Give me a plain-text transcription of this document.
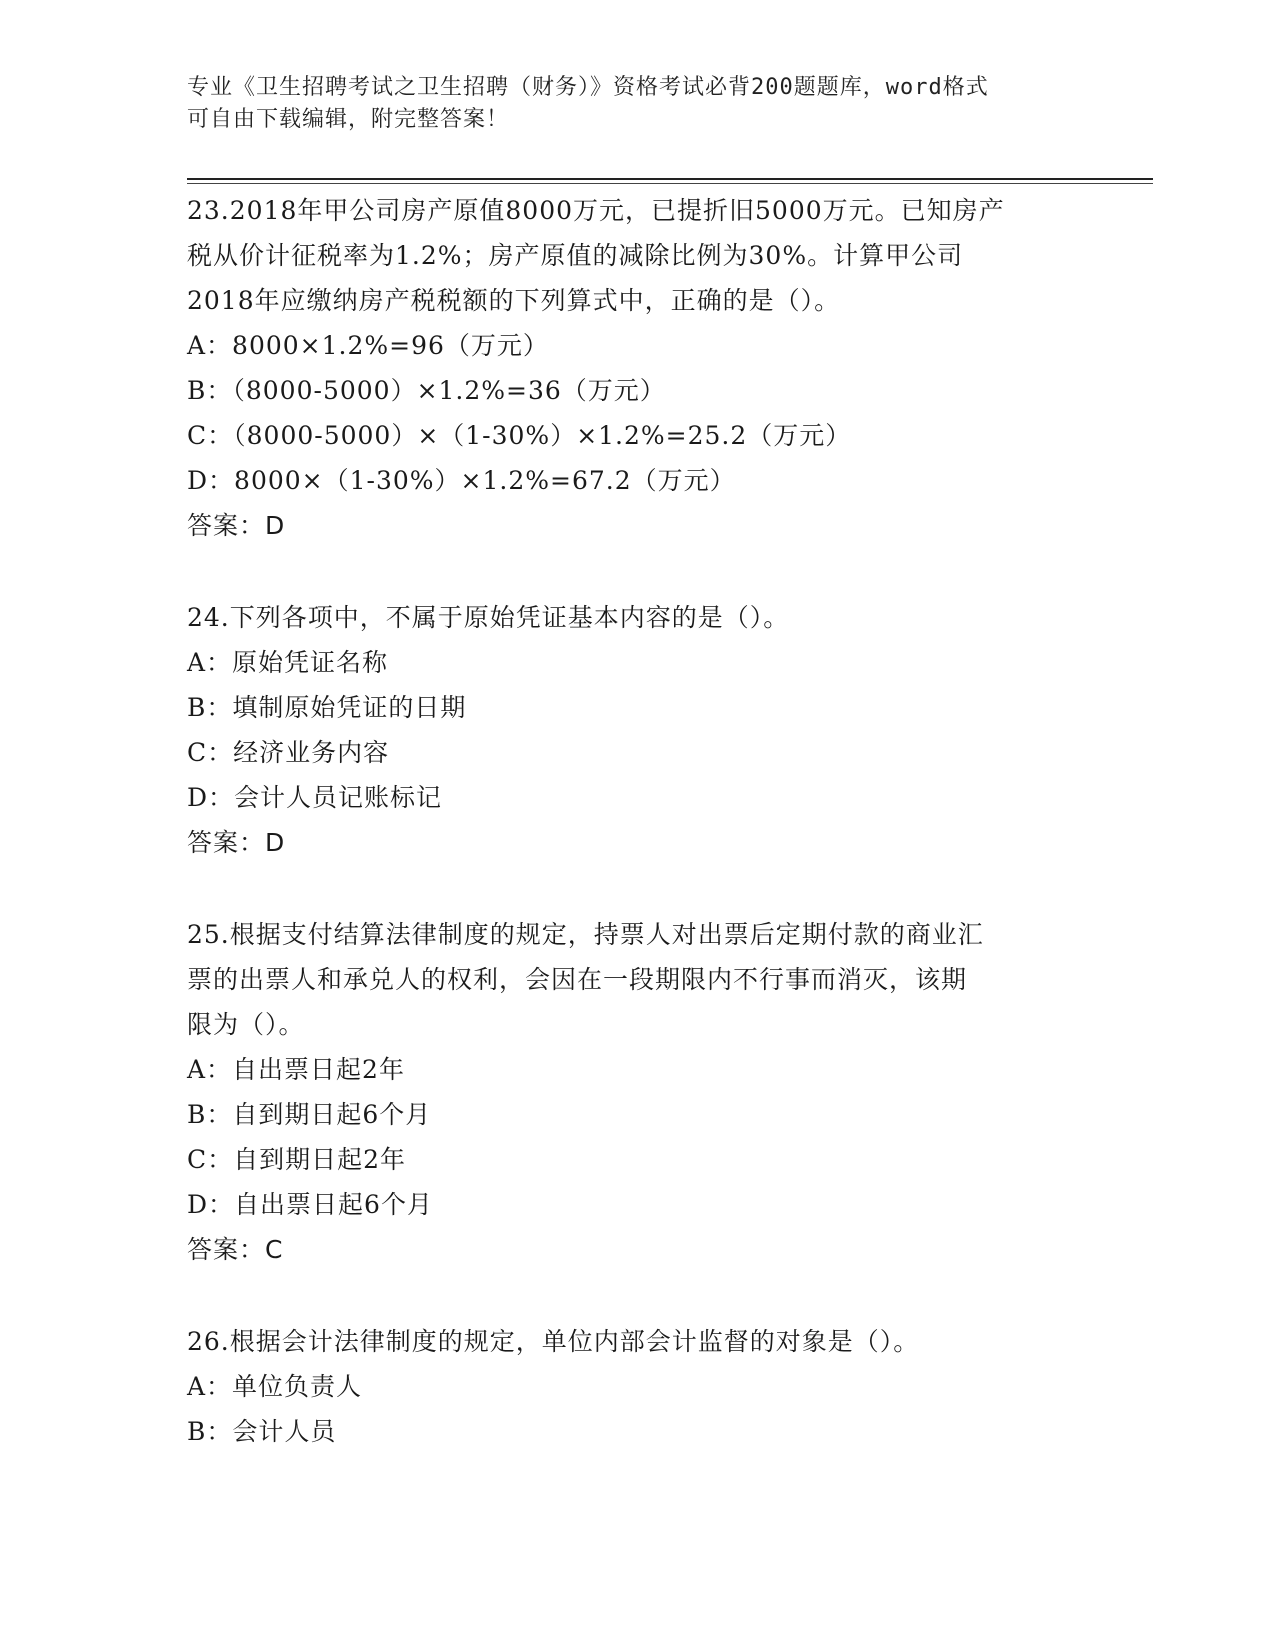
专业《卫生招聘考试之卫生招聘（财务）》资格考试必背200题题库，word格式
可自由下载编辑，附完整答案！

23.2018年甲公司房产原值8000万元，已提折旧5000万元。已知房产

税从价计征税率为1.2%；房产原值的减除比例为30%。计算甲公司

2018年应缴纳房产税税额的下列算式中，正确的是（）。

A：8000×1.2%=96（万元）

B：（8000-5000）×1.2%=36（万元）

C：（8000-5000）×（1-30%）×1.2%=25.2（万元）

D：8000×（1-30%）×1.2%=67.2（万元）

答案：D

24.下列各项中，不属于原始凭证基本内容的是（）。

A：原始凭证名称

B：填制原始凭证的日期

C：经济业务内容

D：会计人员记账标记

答案：D

25.根据支付结算法律制度的规定，持票人对出票后定期付款的商业汇

票的出票人和承兑人的权利，会因在一段期限内不行事而消灭，该期

限为（）。

A：自出票日起2年

B：自到期日起6个月

C：自到期日起2年

D：自出票日起6个月

答案：C

26.根据会计法律制度的规定，单位内部会计监督的对象是（）。

A：单位负责人

B：会计人员
